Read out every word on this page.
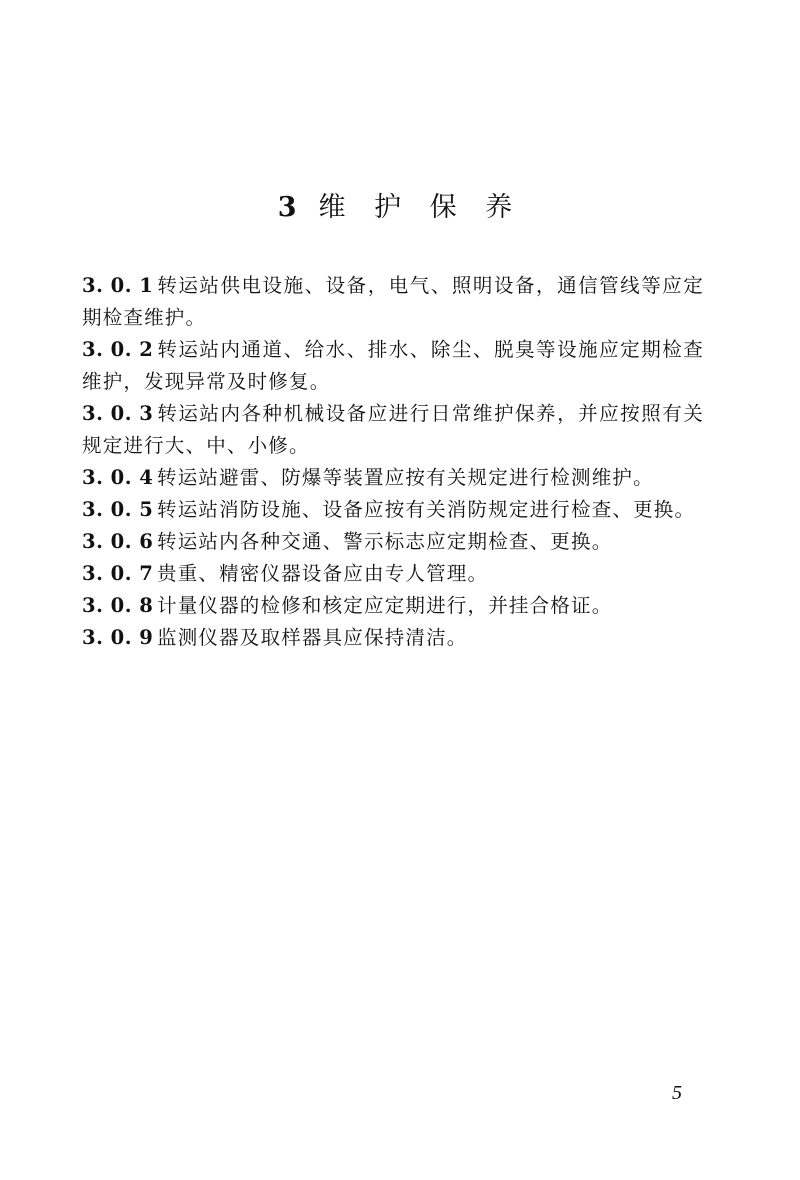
3 维 护 保 养
3. 0. 1 转运站供电设施、设备，电气、照明设备，通信管线等应定期检查维护。
3. 0. 2 转运站内通道、给水、排水、除尘、脱臭等设施应定期检查维护，发现异常及时修复。
3. 0. 3 转运站内各种机械设备应进行日常维护保养，并应按照有关规定进行大、中、小修。
3. 0. 4 转运站避雷、防爆等装置应按有关规定进行检测维护。
3. 0. 5 转运站消防设施、设备应按有关消防规定进行检查、更换。
3. 0. 6 转运站内各种交通、警示标志应定期检查、更换。
3. 0. 7 贵重、精密仪器设备应由专人管理。
3. 0. 8 计量仪器的检修和核定应定期进行，并挂合格证。
3. 0. 9 监测仪器及取样器具应保持清洁。
5
